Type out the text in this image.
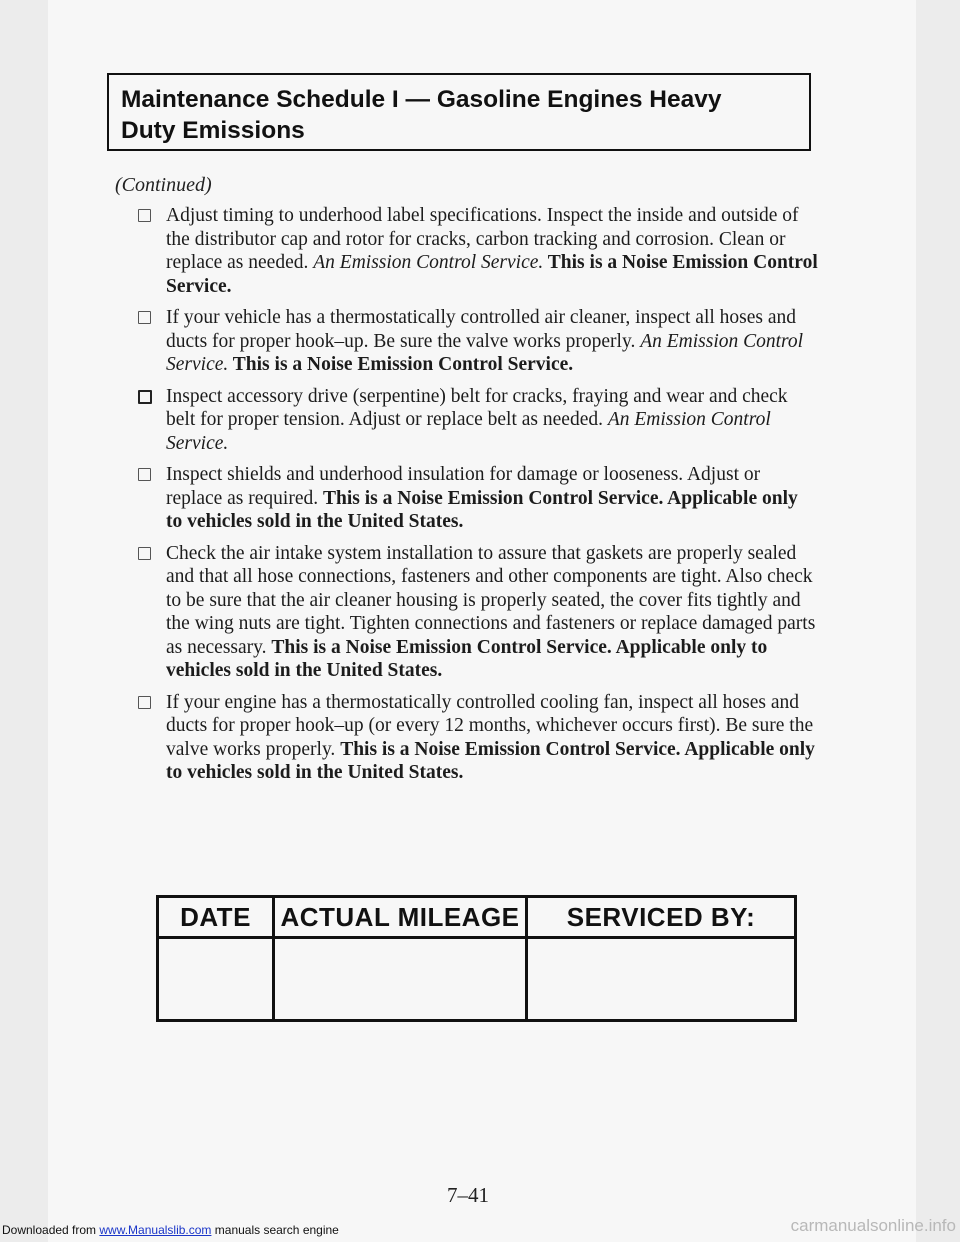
Maintenance Schedule I — Gasoline Engines Heavy
Duty Emissions
(Continued)
Adjust timing to underhood label specifications. Inspect the inside and outside of the distributor cap and rotor for cracks, carbon tracking and corrosion. Clean or replace as needed. An Emission Control Service. This is a Noise Emission Control Service.
If your vehicle has a thermostatically controlled air cleaner, inspect all hoses and ducts for proper hook–up. Be sure the valve works properly. An Emission Control Service. This is a Noise Emission Control Service.
Inspect accessory drive (serpentine) belt for cracks, fraying and wear and check belt for proper tension. Adjust or replace belt as needed. An Emission Control Service.
Inspect shields and underhood insulation for damage or looseness. Adjust or replace as required. This is a Noise Emission Control Service. Applicable only to vehicles sold in the United States.
Check the air intake system installation to assure that gaskets are properly sealed and that all hose connections, fasteners and other components are tight. Also check to be sure that the air cleaner housing is properly seated, the cover fits tightly and the wing nuts are tight. Tighten connections and fasteners or replace damaged parts as necessary. This is a Noise Emission Control Service. Applicable only to vehicles sold in the United States.
If your engine has a thermostatically controlled cooling fan, inspect all hoses and ducts for proper hook–up (or every 12 months, whichever occurs first). Be sure the valve works properly. This is a Noise Emission Control Service. Applicable only to vehicles sold in the United States.
DATE	ACTUAL MILEAGE	SERVICED BY:

7–41
Downloaded from www.Manualslib.com manuals search engine	carmanualsonline.info
